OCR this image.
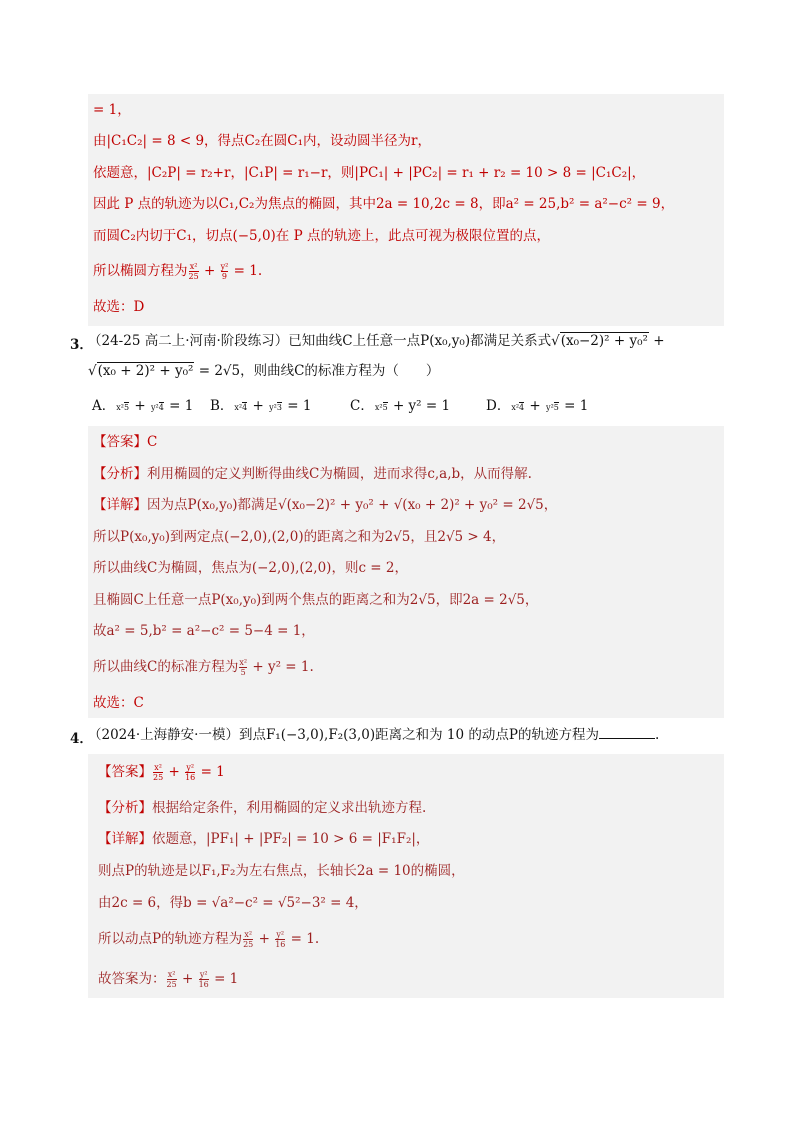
= 1，
由|C₁C₂| = 8 < 9，得点C₂在圆C₁内，设动圆半径为r，
依题意，|C₂P| = r₂+r，|C₁P| = r₁−r，则|PC₁| + |PC₂| = r₁ + r₂ = 10 > 8 = |C₁C₂|，
因此 P 点的轨迹为以C₁,C₂为焦点的椭圆，其中2a = 10,2c = 8，即a² = 25,b² = a²−c² = 9，
而圆C₂内切于C₁，切点(−5,0)在 P 点的轨迹上，此点可视为极限位置的点，
所以椭圆方程为 $\frac{\text{x²}}{25} + \frac{\text{y²}}{9} = 1$.
故选：D
3．
（24-25 高二上·河南·阶段练习）已知曲线C上任意一点P(x₀,y₀)都满足关系式√(x₀−2)² + y₀² +
√(x₀ + 2)² + y₀² = 2√5，则曲线C的标准方程为（　　）
A．x²5 + y²4 = 1 B．x²4 + y²3 = 1	C．x²5 + y² = 1	D．x²4 + y²5 = 1
【答案】C
【分析】利用椭圆的定义判断得曲线C为椭圆，进而求得c,a,b，从而得解.
【详解】因为点P(x₀,y₀)都满足√(x₀−2)² + y₀² + √(x₀ + 2)² + y₀² = 2√5，
所以P(x₀,y₀)到两定点(−2,0),(2,0)的距离之和为2√5，且2√5 > 4，
所以曲线C为椭圆，焦点为(−2,0),(2,0)，则c = 2，
且椭圆C上任意一点P(x₀,y₀)到两个焦点的距离之和为2√5，即2a = 2√5，
故a² = 5,b² = a²−c² = 5−4 = 1，
所以曲线C的标准方程为 $\frac{\text{x²}}{5} + y^2 = 1$.
故选：C
4．
（2024·上海静安·一模）到点F₁(−3,0),F₂(3,0)距离之和为 10 的动点P的轨迹方程为	.
【答案】 $\frac{\text{x²}}{25} + \frac{\text{y²}}{16} = 1$
【分析】根据给定条件，利用椭圆的定义求出轨迹方程.
【详解】依题意，|PF₁| + |PF₂| = 10 > 6 = |F₁F₂|，
则点P的轨迹是以F₁,F₂为左右焦点，长轴长2a = 10的椭圆，
由2c = 6，得b = √a²−c² = √5²−3² = 4，
所以动点P的轨迹方程为 $\frac{\text{x²}}{25} + \frac{\text{y²}}{16} = 1$.
故答案为： $\frac{\text{x²}}{25} + \frac{\text{y²}}{16} = 1$
